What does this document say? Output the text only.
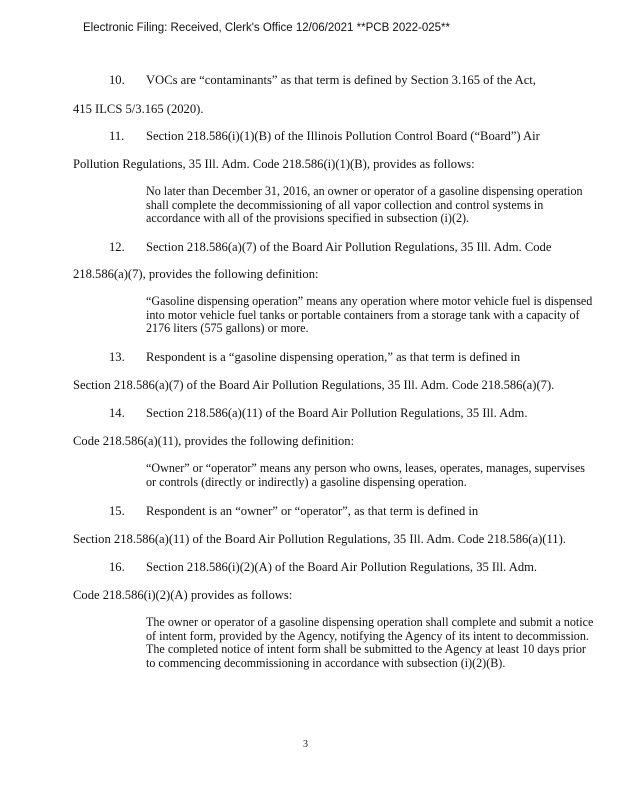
Electronic Filing: Received, Clerk's Office 12/06/2021 **PCB 2022-025**
10. VOCs are “contaminants” as that term is defined by Section 3.165 of the Act,
415 ILCS 5/3.165 (2020).
11. Section 218.586(i)(1)(B) of the Illinois Pollution Control Board (“Board”) Air
Pollution Regulations, 35 Ill. Adm. Code 218.586(i)(1)(B), provides as follows:
No later than December 31, 2016, an owner or operator of a gasoline dispensing operation shall complete the decommissioning of all vapor collection and control systems in accordance with all of the provisions specified in subsection (i)(2).
12. Section 218.586(a)(7) of the Board Air Pollution Regulations, 35 Ill. Adm. Code
218.586(a)(7), provides the following definition:
“Gasoline dispensing operation” means any operation where motor vehicle fuel is dispensed into motor vehicle fuel tanks or portable containers from a storage tank with a capacity of 2176 liters (575 gallons) or more.
13. Respondent is a “gasoline dispensing operation,” as that term is defined in
Section 218.586(a)(7) of the Board Air Pollution Regulations, 35 Ill. Adm. Code 218.586(a)(7).
14. Section 218.586(a)(11) of the Board Air Pollution Regulations, 35 Ill. Adm.
Code 218.586(a)(11), provides the following definition:
“Owner” or “operator” means any person who owns, leases, operates, manages, supervises or controls (directly or indirectly) a gasoline dispensing operation.
15. Respondent is an “owner” or “operator”, as that term is defined in
Section 218.586(a)(11) of the Board Air Pollution Regulations, 35 Ill. Adm. Code 218.586(a)(11).
16. Section 218.586(i)(2)(A) of the Board Air Pollution Regulations, 35 Ill. Adm.
Code 218.586(i)(2)(A) provides as follows:
The owner or operator of a gasoline dispensing operation shall complete and submit a notice of intent form, provided by the Agency, notifying the Agency of its intent to decommission. The completed notice of intent form shall be submitted to the Agency at least 10 days prior to commencing decommissioning in accordance with subsection (i)(2)(B).
3
